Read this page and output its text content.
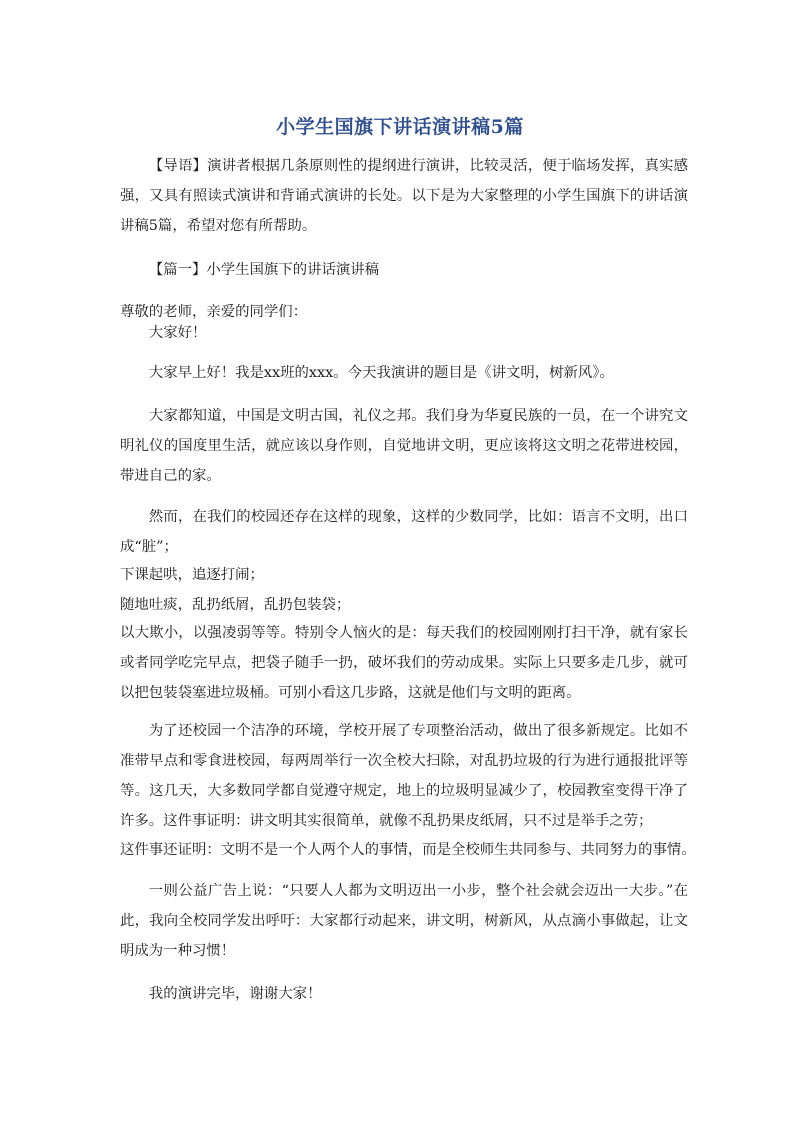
小学生国旗下讲话演讲稿5篇

【导语】演讲者根据几条原则性的提纲进行演讲，比较灵活，便于临场发挥，真实感强，又具有照读式演讲和背诵式演讲的长处。以下是为大家整理的小学生国旗下的讲话演讲稿5篇，希望对您有所帮助。

【篇一】小学生国旗下的讲话演讲稿

尊敬的老师，亲爱的同学们：

大家好！

大家早上好！我是xx班的xxx。今天我演讲的题目是《讲文明，树新风》。

大家都知道，中国是文明古国，礼仪之邦。我们身为华夏民族的一员，在一个讲究文明礼仪的国度里生活，就应该以身作则，自觉地讲文明，更应该将这文明之花带进校园，带进自己的家。

然而，在我们的校园还存在这样的现象，这样的少数同学，比如：语言不文明，出口成“脏”；

下课起哄，追逐打闹；

随地吐痰，乱扔纸屑，乱扔包装袋；

以大欺小，以强凌弱等等。特别令人恼火的是：每天我们的校园刚刚打扫干净，就有家长或者同学吃完早点，把袋子随手一扔，破坏我们的劳动成果。实际上只要多走几步，就可以把包装袋塞进垃圾桶。可别小看这几步路，这就是他们与文明的距离。

为了还校园一个洁净的环境，学校开展了专项整治活动，做出了很多新规定。比如不准带早点和零食进校园，每两周举行一次全校大扫除，对乱扔垃圾的行为进行通报批评等等。这几天，大多数同学都自觉遵守规定，地上的垃圾明显减少了，校园教室变得干净了许多。这件事证明：讲文明其实很简单，就像不乱扔果皮纸屑，只不过是举手之劳；

这件事还证明：文明不是一个人两个人的事情，而是全校师生共同参与、共同努力的事情。

一则公益广告上说：“只要人人都为文明迈出一小步，整个社会就会迈出一大步。”在此，我向全校同学发出呼吁：大家都行动起来，讲文明，树新风，从点滴小事做起，让文明成为一种习惯！

我的演讲完毕，谢谢大家！
